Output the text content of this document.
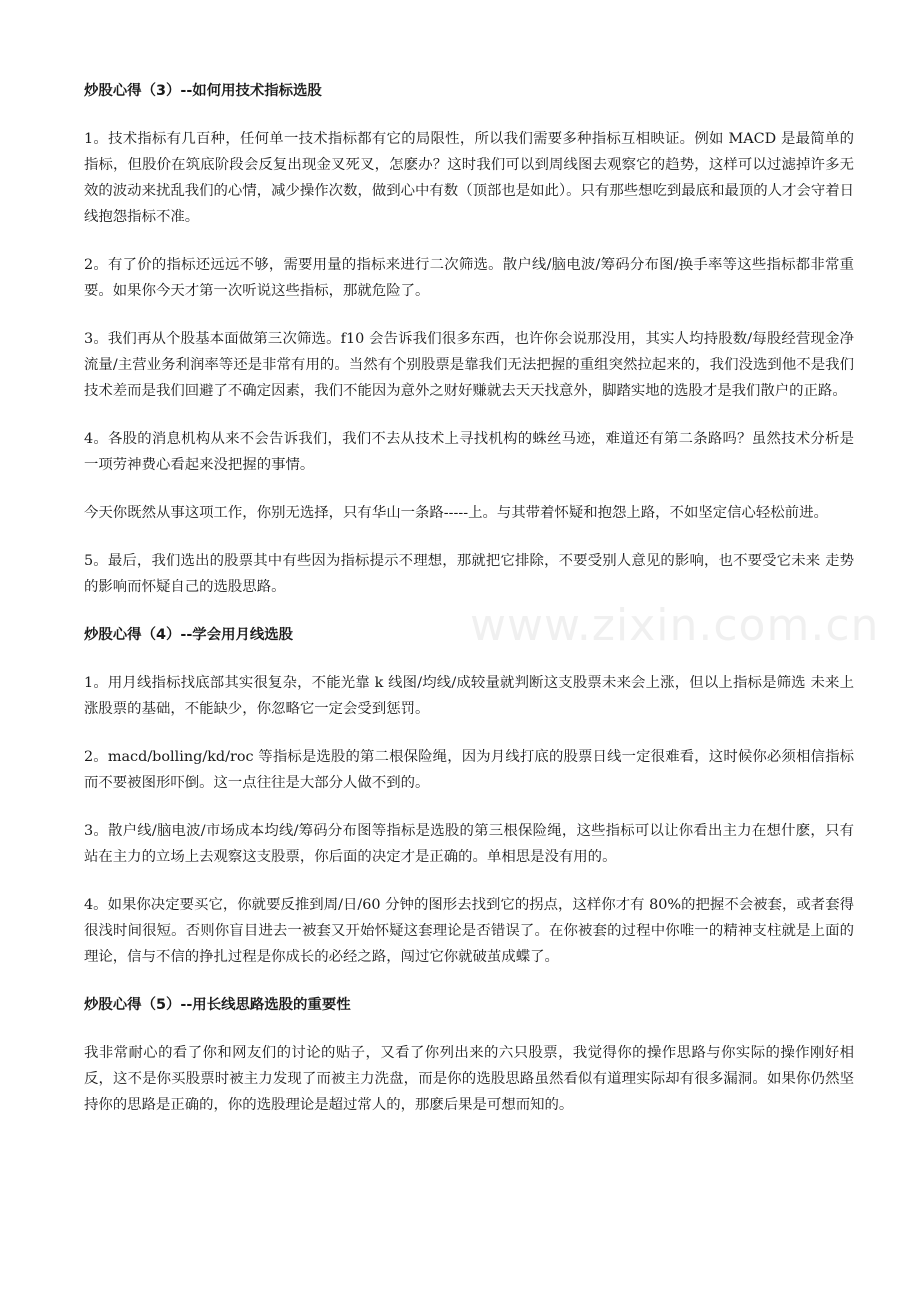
炒股心得（3）--如何用技术指标选股

1。技术指标有几百种，任何单一技术指标都有它的局限性，所以我们需要多种指标互相映证。例如 MACD 是最简单的指标，但股价在筑底阶段会反复出现金叉死叉，怎麽办？这时我们可以到周线图去观察它的趋势，这样可以过滤掉许多无效的波动来扰乱我们的心情，减少操作次数，做到心中有数（顶部也是如此）。只有那些想吃到最底和最顶的人才会守着日线抱怨指标不准。

2。有了价的指标还远远不够，需要用量的指标来进行二次筛选。散户线/脑电波/筹码分布图/换手率等这些指标都非常重要。如果你今天才第一次听说这些指标，那就危险了。

3。我们再从个股基本面做第三次筛选。f10 会告诉我们很多东西，也许你会说那没用，其实人均持股数/每股经营现金净流量/主营业务利润率等还是非常有用的。当然有个别股票是靠我们无法把握的重组突然拉起来的，我们没选到他不是我们技术差而是我们回避了不确定因素，我们不能因为意外之财好赚就去天天找意外，脚踏实地的选股才是我们散户的正路。

4。各股的消息机构从来不会告诉我们，我们不去从技术上寻找机构的蛛丝马迹，难道还有第二条路吗？虽然技术分析是一项劳神费心看起来没把握的事情。

今天你既然从事这项工作，你别无选择，只有华山一条路-----上。与其带着怀疑和抱怨上路，不如坚定信心轻松前进。

5。最后，我们选出的股票其中有些因为指标提示不理想，那就把它排除，不要受别人意见的影响，也不要受它未来 走势的影响而怀疑自己的选股思路。

炒股心得（4）--学会用月线选股

1。用月线指标找底部其实很复杂，不能光靠 k 线图/均线/成较量就判断这支股票未来会上涨，但以上指标是筛选 未来上涨股票的基础，不能缺少，你忽略它一定会受到惩罚。

2。macd/bolling/kd/roc 等指标是选股的第二根保险绳，因为月线打底的股票日线一定很难看，这时候你必须相信指标而不要被图形吓倒。这一点往往是大部分人做不到的。

3。散户线/脑电波/市场成本均线/筹码分布图等指标是选股的第三根保险绳，这些指标可以让你看出主力在想什麽，只有站在主力的立场上去观察这支股票，你后面的决定才是正确的。单相思是没有用的。

4。如果你决定要买它，你就要反推到周/日/60 分钟的图形去找到它的拐点，这样你才有 80%的把握不会被套，或者套得很浅时间很短。否则你盲目进去一被套又开始怀疑这套理论是否错误了。在你被套的过程中你唯一的精神支柱就是上面的理论，信与不信的挣扎过程是你成长的必经之路，闯过它你就破茧成蝶了。

炒股心得（5）--用长线思路选股的重要性

我非常耐心的看了你和网友们的讨论的贴子，又看了你列出来的六只股票，我觉得你的操作思路与你实际的操作刚好相反，这不是你买股票时被主力发现了而被主力洗盘，而是你的选股思路虽然看似有道理实际却有很多漏洞。如果你仍然坚持你的思路是正确的，你的选股理论是超过常人的，那麽后果是可想而知的。

www.zixin.com.cn
